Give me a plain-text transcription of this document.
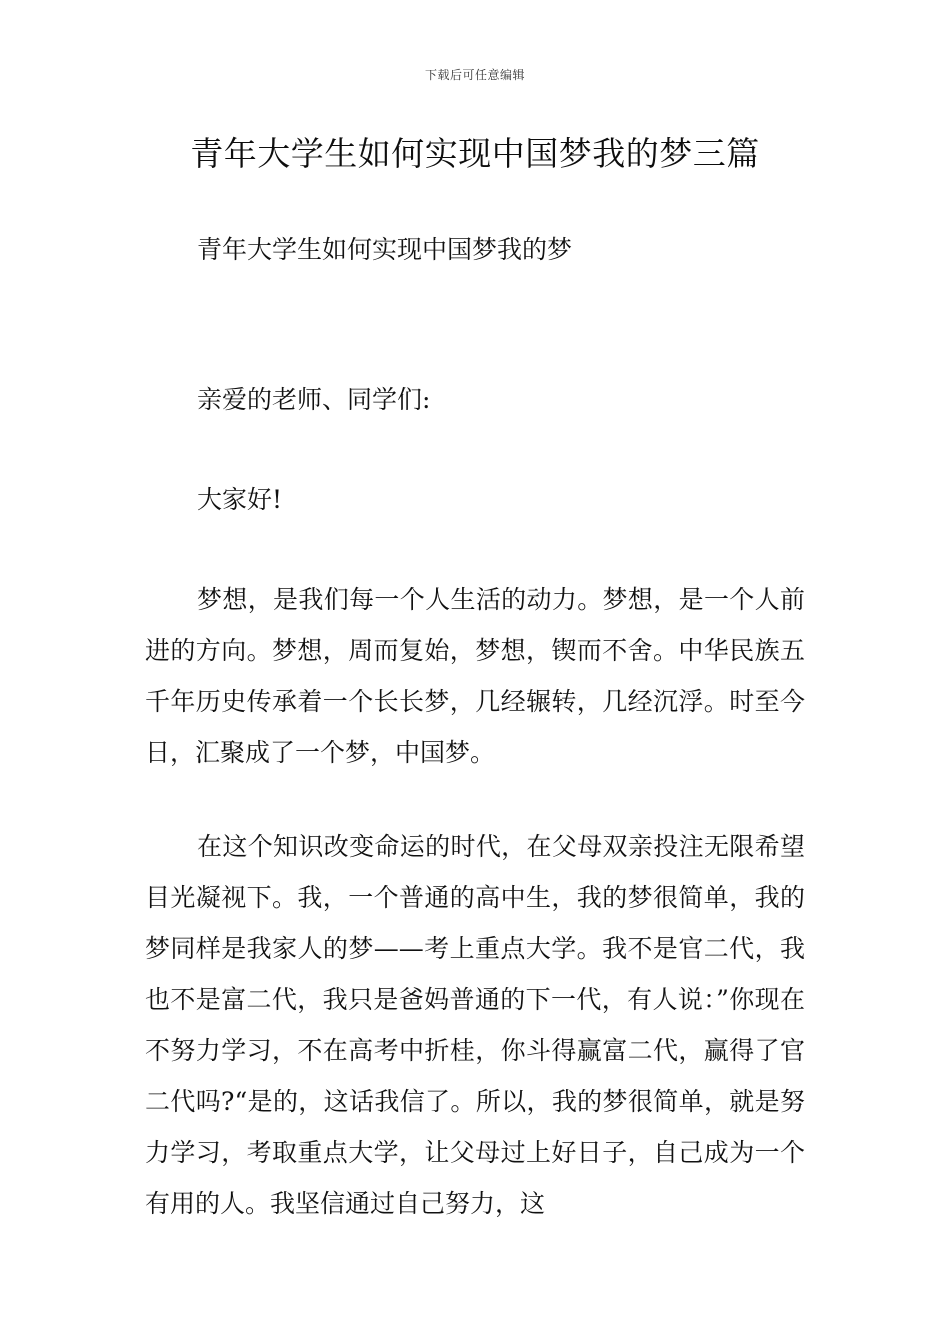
下载后可任意编辑
青年大学生如何实现中国梦我的梦三篇

青年大学生如何实现中国梦我的梦

亲爱的老师、同学们:

大家好!

梦想，是我们每一个人生活的动力。梦想，是一个人前进的方向。梦想，周而复始，梦想，锲而不舍。中华民族五千年历史传承着一个长长梦，几经辗转，几经沉浮。时至今日，汇聚成了一个梦，中国梦。

在这个知识改变命运的时代，在父母双亲投注无限希望目光凝视下。我，一个普通的高中生，我的梦很简单，我的梦同样是我家人的梦——考上重点大学。我不是官二代，我也不是富二代，我只是爸妈普通的下一代，有人说：”你现在不努力学习，不在高考中折桂，你斗得赢富二代，赢得了官二代吗?“是的，这话我信了。所以，我的梦很简单，就是努力学习，考取重点大学，让父母过上好日子，自己成为一个有用的人。我坚信通过自己努力，这
